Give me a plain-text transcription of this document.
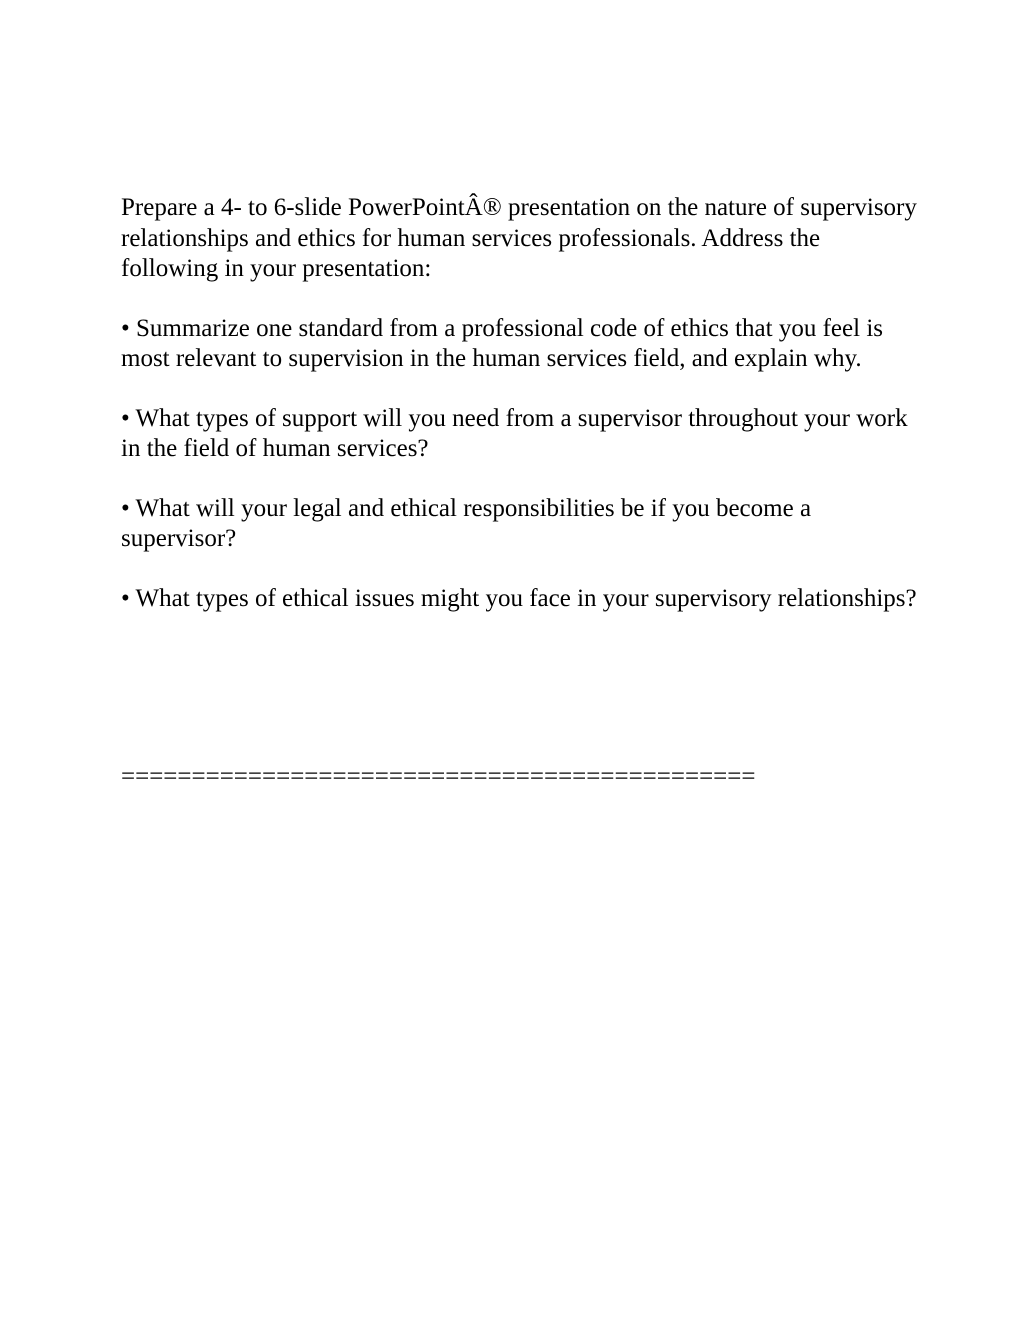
Prepare a 4- to 6-slide PowerPointÂ® presentation on the nature of supervisory relationships and ethics for human services professionals. Address the following in your presentation:

• Summarize one standard from a professional code of ethics that you feel is most relevant to supervision in the human services field, and explain why.

• What types of support will you need from a supervisor throughout your work in the field of human services?

• What will your legal and ethical responsibilities be if you become a supervisor?

• What types of ethical issues might you face in your supervisory relationships?

=============================================
